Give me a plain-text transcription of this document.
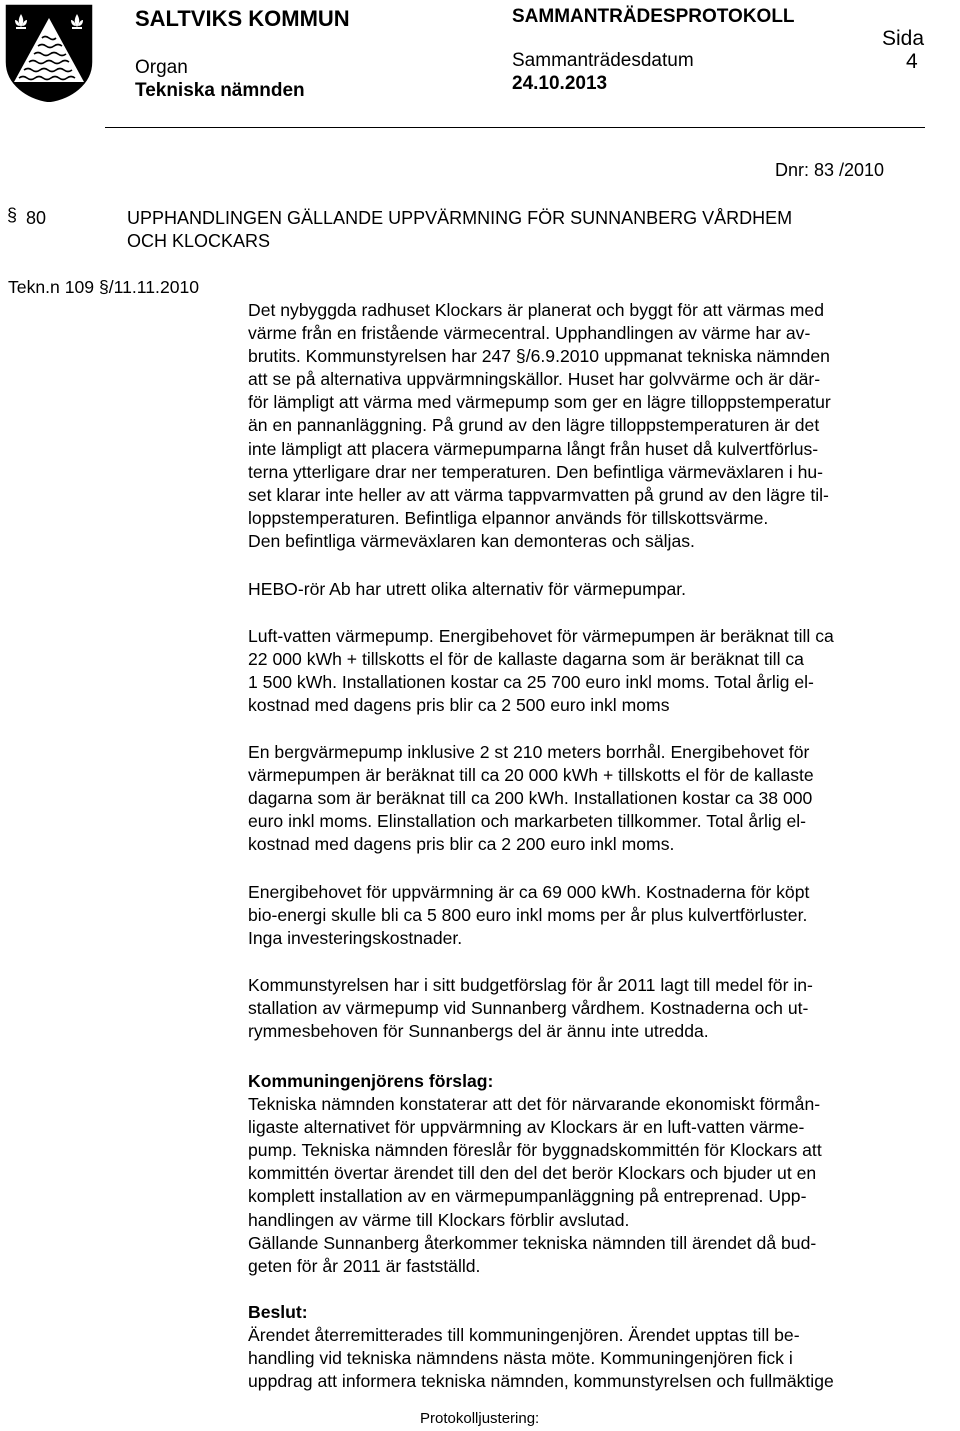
SALTVIKS KOMMUN	SAMMANTRÄDESPROTOKOLL
Sida
4
Organ
Tekniska nämnden
Sammanträdesdatum
24.10.2013
Dnr: 83 /2010
80
§	UPPHANDLINGEN GÄLLANDE UPPVÄRMNING FÖR SUNNANBERG VÅRDHEM
OCH KLOCKARS
Tekn.n 109 §/11.11.2010
Det nybyggda radhuset Klockars är planerat och byggt för att värmas med
värme från en fristående värmecentral. Upphandlingen av värme har av-
brutits. Kommunstyrelsen har 247 §/6.9.2010 uppmanat tekniska nämnden
att se på alternativa uppvärmningskällor. Huset har golvvärme och är där-
för lämpligt att värma med värmepump som ger en lägre tilloppstemperatur
än en pannanläggning. På grund av den lägre tilloppstemperaturen är det
inte lämpligt att placera värmepumparna långt från huset då kulvertförlus-
terna ytterligare drar ner temperaturen. Den befintliga värmeväxlaren i hu-
set klarar inte heller av att värma tappvarmvatten på grund av den lägre til-
loppstemperaturen. Befintliga elpannor används för tillskottsvärme.
Den befintliga värmeväxlaren kan demonteras och säljas.
HEBO-rör Ab har utrett olika alternativ för värmepumpar.
Luft-vatten värmepump. Energibehovet för värmepumpen är beräknat till ca
22 000 kWh + tillskotts el för de kallaste dagarna som är beräknat till ca
1 500 kWh. Installationen kostar ca 25 700 euro inkl moms. Total årlig el-
kostnad med dagens pris blir ca 2 500 euro inkl moms
En bergvärmepump inklusive 2 st 210 meters borrhål. Energibehovet för
värmepumpen är beräknat till ca 20 000 kWh + tillskotts el för de kallaste
dagarna som är beräknat till ca 200 kWh. Installationen kostar ca 38 000
euro inkl moms. Elinstallation och markarbeten tillkommer. Total årlig el-
kostnad med dagens pris blir ca 2 200 euro inkl moms.
Energibehovet för uppvärmning är ca 69 000 kWh. Kostnaderna för köpt
bio-energi skulle bli ca 5 800 euro inkl moms per år plus kulvertförluster.
Inga investeringskostnader.
Kommunstyrelsen har i sitt budgetförslag för år 2011 lagt till medel för in-
stallation av värmepump vid Sunnanberg vårdhem. Kostnaderna och ut-
rymmesbehoven för Sunnanbergs del är ännu inte utredda.
Kommuningenjörens förslag:
Tekniska nämnden konstaterar att det för närvarande ekonomiskt förmån-
ligaste alternativet för uppvärmning av Klockars är en luft-vatten värme-
pump. Tekniska nämnden föreslår för byggnadskommittén för Klockars att
kommittén övertar ärendet till den del det berör Klockars och bjuder ut en
komplett installation av en värmepumpanläggning på entreprenad. Upp-
handlingen av värme till Klockars förblir avslutad.
Gällande Sunnanberg återkommer tekniska nämnden till ärendet då bud-
geten för år 2011 är fastställd.
Beslut:
Ärendet återremitterades till kommuningenjören. Ärendet upptas till be-
handling vid tekniska nämndens nästa möte. Kommuningenjören fick i
uppdrag att informera tekniska nämnden, kommunstyrelsen och fullmäktige
Protokolljustering:
